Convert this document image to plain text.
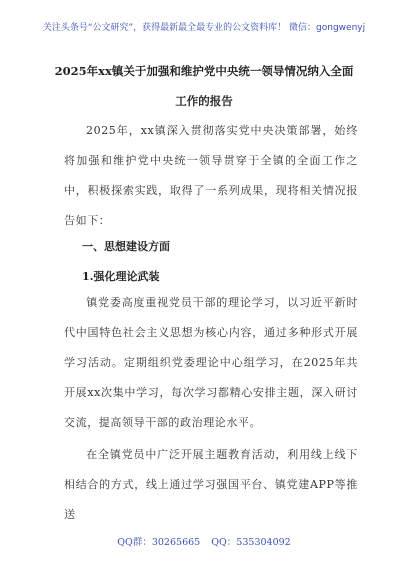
关注头条号“公文研究”，获得最新最全最专业的公文资料库！ 微信：gongwenyj
2025年xx镇关于加强和维护党中央统一领导情况纳入全面工作的报告
2025年，xx镇深入贯彻落实党中央决策部署，始终将加强和维护党中央统一领导贯穿于全镇的全面工作之中，积极探索实践，取得了一系列成果，现将相关情况报告如下：
一、思想建设方面
1.强化理论武装
镇党委高度重视党员干部的理论学习，以习近平新时代中国特色社会主义思想为核心内容，通过多种形式开展学习活动。定期组织党委理论中心组学习，在2025年共开展xx次集中学习，每次学习都精心安排主题，深入研讨交流，提高领导干部的政治理论水平。
在全镇党员中广泛开展主题教育活动，利用线上线下相结合的方式，线上通过学习强国平台、镇党建APP等推送
QQ群：30265665 QQ：535304092
